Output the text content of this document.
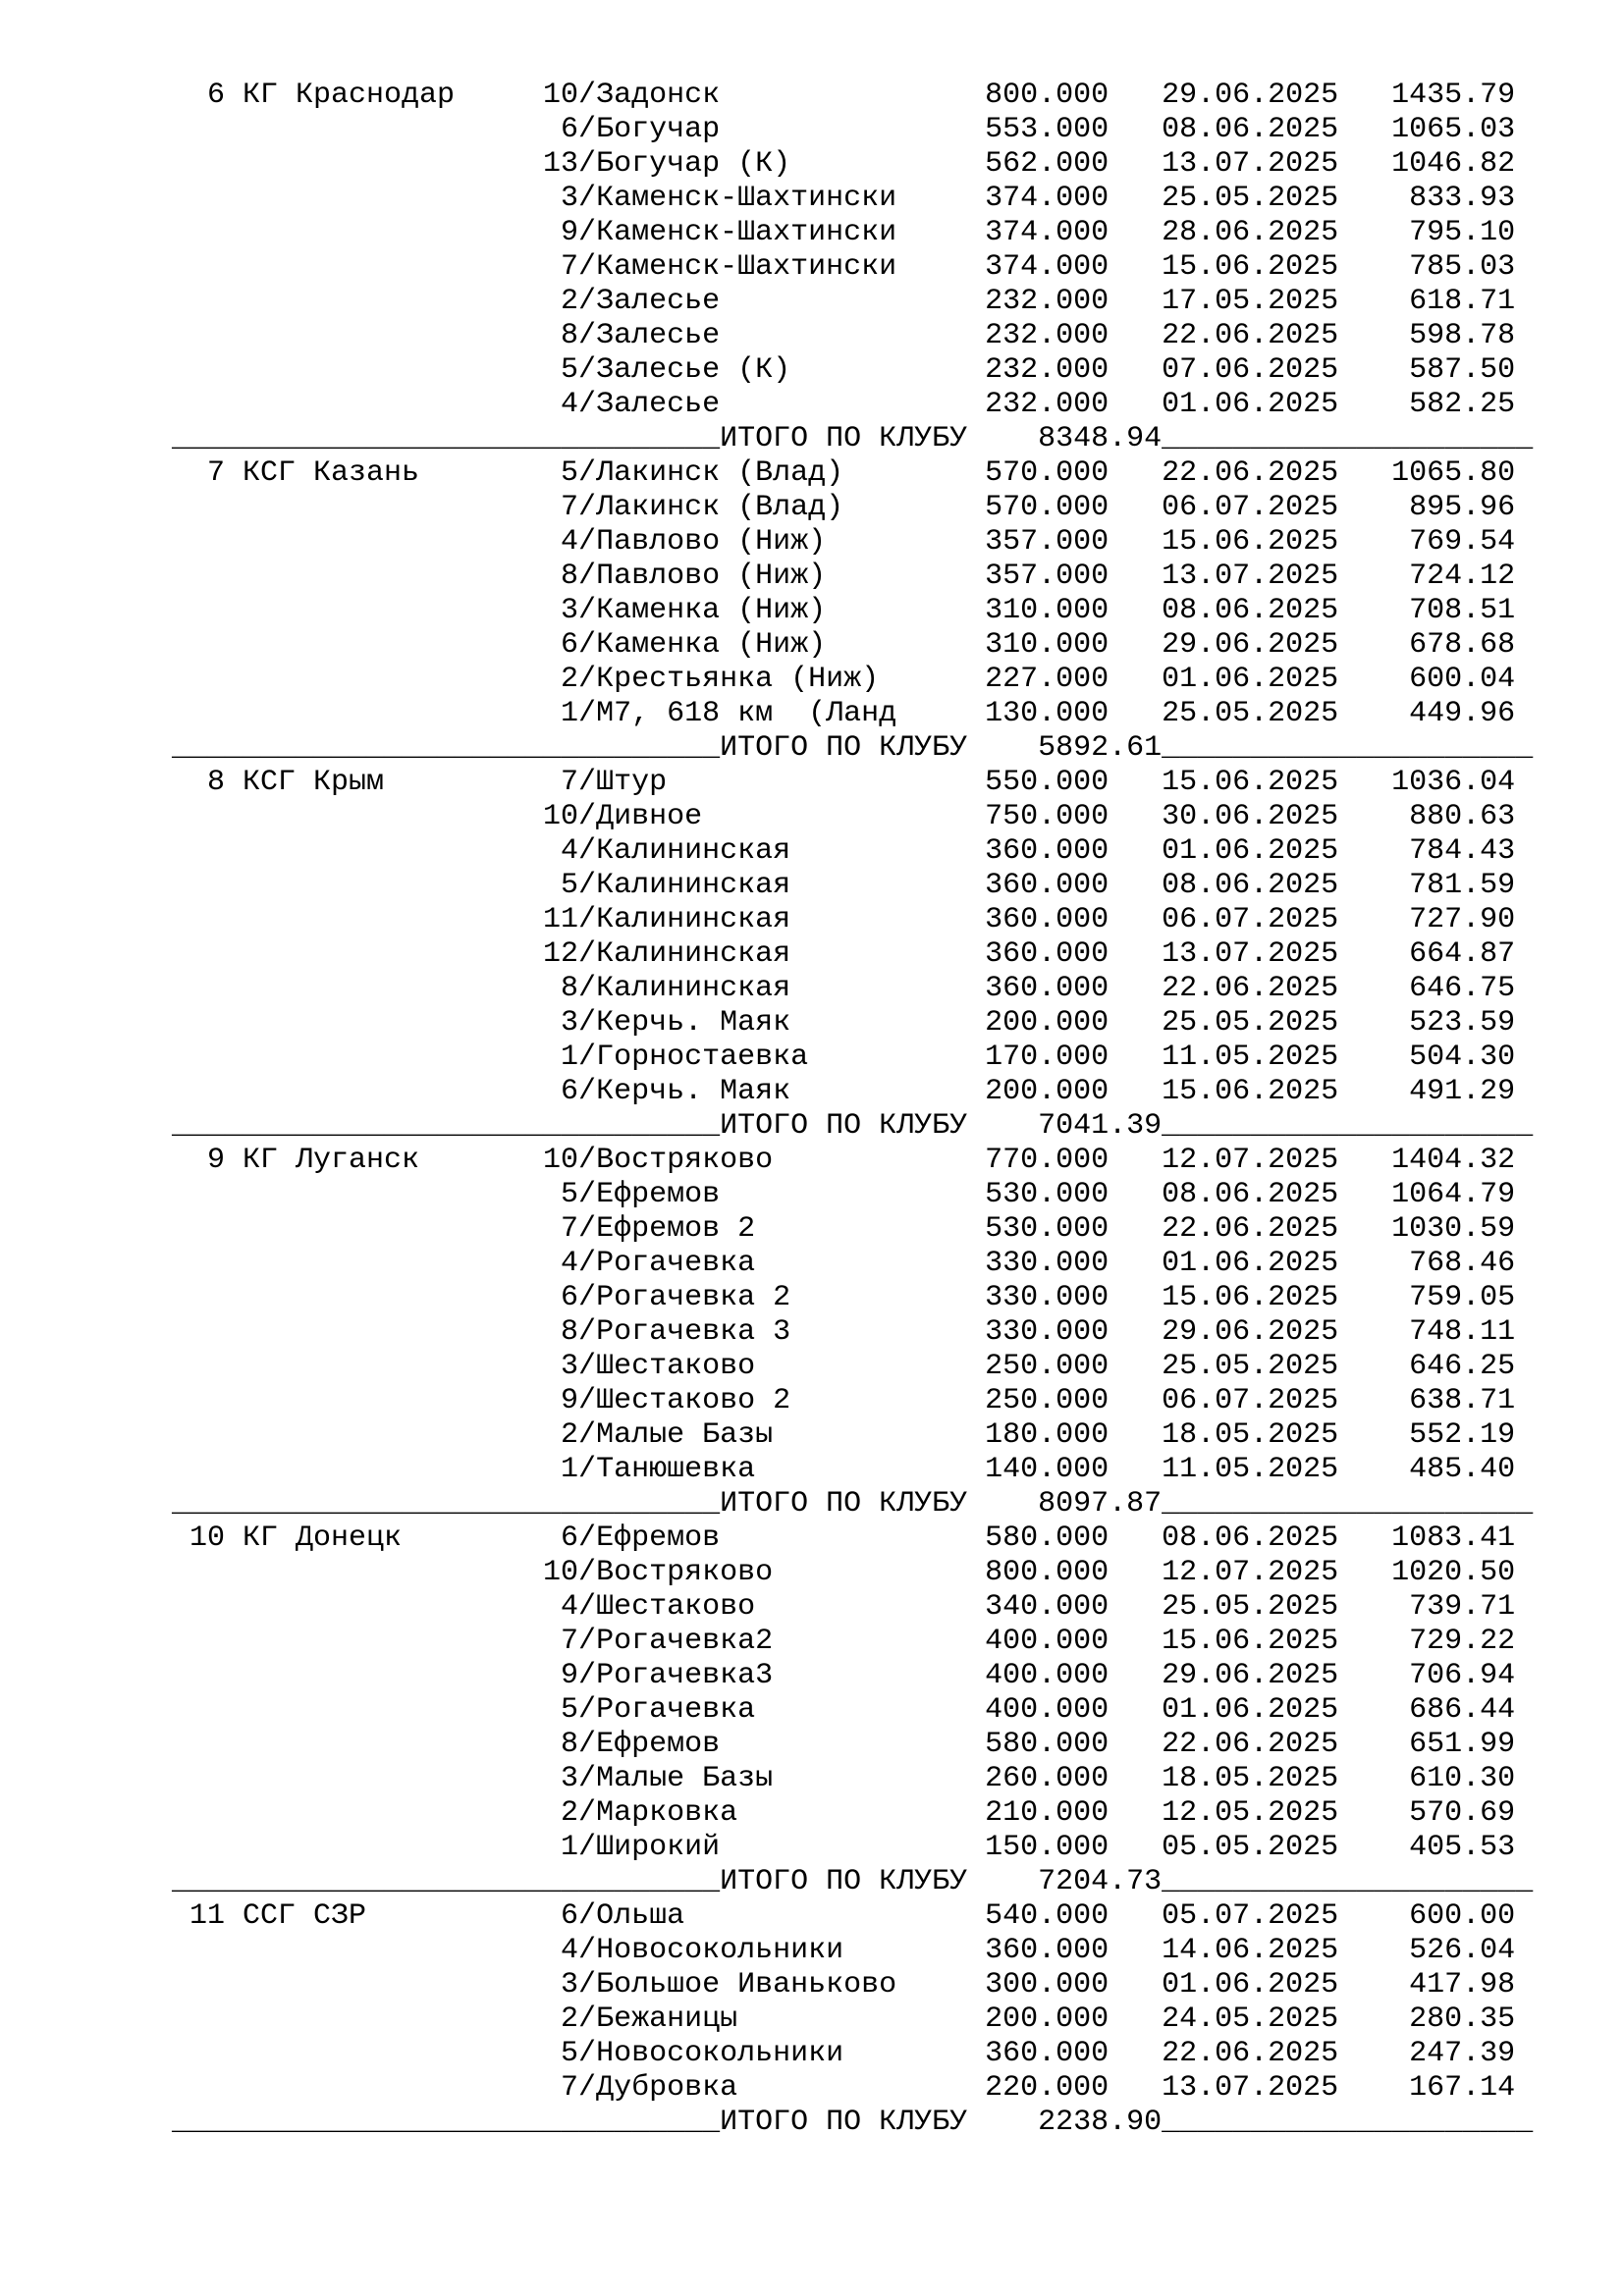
6 КГ Краснодар	10/Задонск	800.000 29.06.2025 1435.79
6/Богучар	553.000 08.06.2025 1065.03
13/Богучар (К)	562.000 13.07.2025 1046.82
3/Каменск-Шахтински	374.000 25.05.2025 833.93
9/Каменск-Шахтински	374.000 28.06.2025 795.10
7/Каменск-Шахтински	374.000 15.06.2025 785.03
2/Залесье	232.000 17.05.2025 618.71
8/Залесье	232.000 22.06.2025 598.78
5/Залесье (К)	232.000 07.06.2025 587.50
4/Залесье	232.000 01.06.2025 582.25
_______________________________ИТОГО ПО КЛУБУ 8348.94_____________________
7 КСГ Казань	5/Лакинск (Влад)	570.000 22.06.2025 1065.80
7/Лакинск (Влад)	570.000 06.07.2025 895.96
4/Павлово (Ниж)	357.000 15.06.2025 769.54
8/Павлово (Ниж)	357.000 13.07.2025 724.12
3/Каменка (Ниж)	310.000 08.06.2025 708.51
6/Каменка (Ниж)	310.000 29.06.2025 678.68
2/Крестьянка (Ниж)	227.000 01.06.2025 600.04
1/М7, 618 км  (Ланд	130.000 25.05.2025 449.96
_______________________________ИТОГО ПО КЛУБУ 5892.61_____________________
8 КСГ Крым	7/Штур	550.000 15.06.2025 1036.04
10/Дивное	750.000 30.06.2025 880.63
4/Калининская	360.000 01.06.2025 784.43
5/Калининская	360.000 08.06.2025 781.59
11/Калининская	360.000 06.07.2025 727.90
12/Калининская	360.000 13.07.2025 664.87
8/Калининская	360.000 22.06.2025 646.75
3/Керчь. Маяк	200.000 25.05.2025 523.59
1/Горностаевка	170.000 11.05.2025 504.30
6/Керчь. Маяк	200.000 15.06.2025 491.29
_______________________________ИТОГО ПО КЛУБУ 7041.39_____________________
9 КГ Луганск	10/Востряково	770.000 12.07.2025 1404.32
5/Ефремов	530.000 08.06.2025 1064.79
7/Ефремов 2	530.000 22.06.2025 1030.59
4/Рогачевка	330.000 01.06.2025 768.46
6/Рогачевка 2	330.000 15.06.2025 759.05
8/Рогачевка 3	330.000 29.06.2025 748.11
3/Шестаково	250.000 25.05.2025 646.25
9/Шестаково 2	250.000 06.07.2025 638.71
2/Малые Базы	180.000 18.05.2025 552.19
1/Танюшевка	140.000 11.05.2025 485.40
_______________________________ИТОГО ПО КЛУБУ 8097.87_____________________
10 КГ Донецк	6/Ефремов	580.000 08.06.2025 1083.41
10/Востряково	800.000 12.07.2025 1020.50
4/Шестаково	340.000 25.05.2025 739.71
7/Рогачевка2	400.000 15.06.2025 729.22
9/Рогачевка3	400.000 29.06.2025 706.94
5/Рогачевка	400.000 01.06.2025 686.44
8/Ефремов	580.000 22.06.2025 651.99
3/Малые Базы	260.000 18.05.2025 610.30
2/Марковка	210.000 12.05.2025 570.69
1/Широкий	150.000 05.05.2025 405.53
_______________________________ИТОГО ПО КЛУБУ 7204.73_____________________
11 ССГ СЗР	6/Ольша	540.000 05.07.2025 600.00
4/Новосокольники	360.000 14.06.2025 526.04
3/Большое Иваньково	300.000 01.06.2025 417.98
2/Бежаницы	200.000 24.05.2025 280.35
5/Новосокольники	360.000 22.06.2025 247.39
7/Дубровка	220.000 13.07.2025 167.14
_______________________________ИТОГО ПО КЛУБУ 2238.90_____________________
